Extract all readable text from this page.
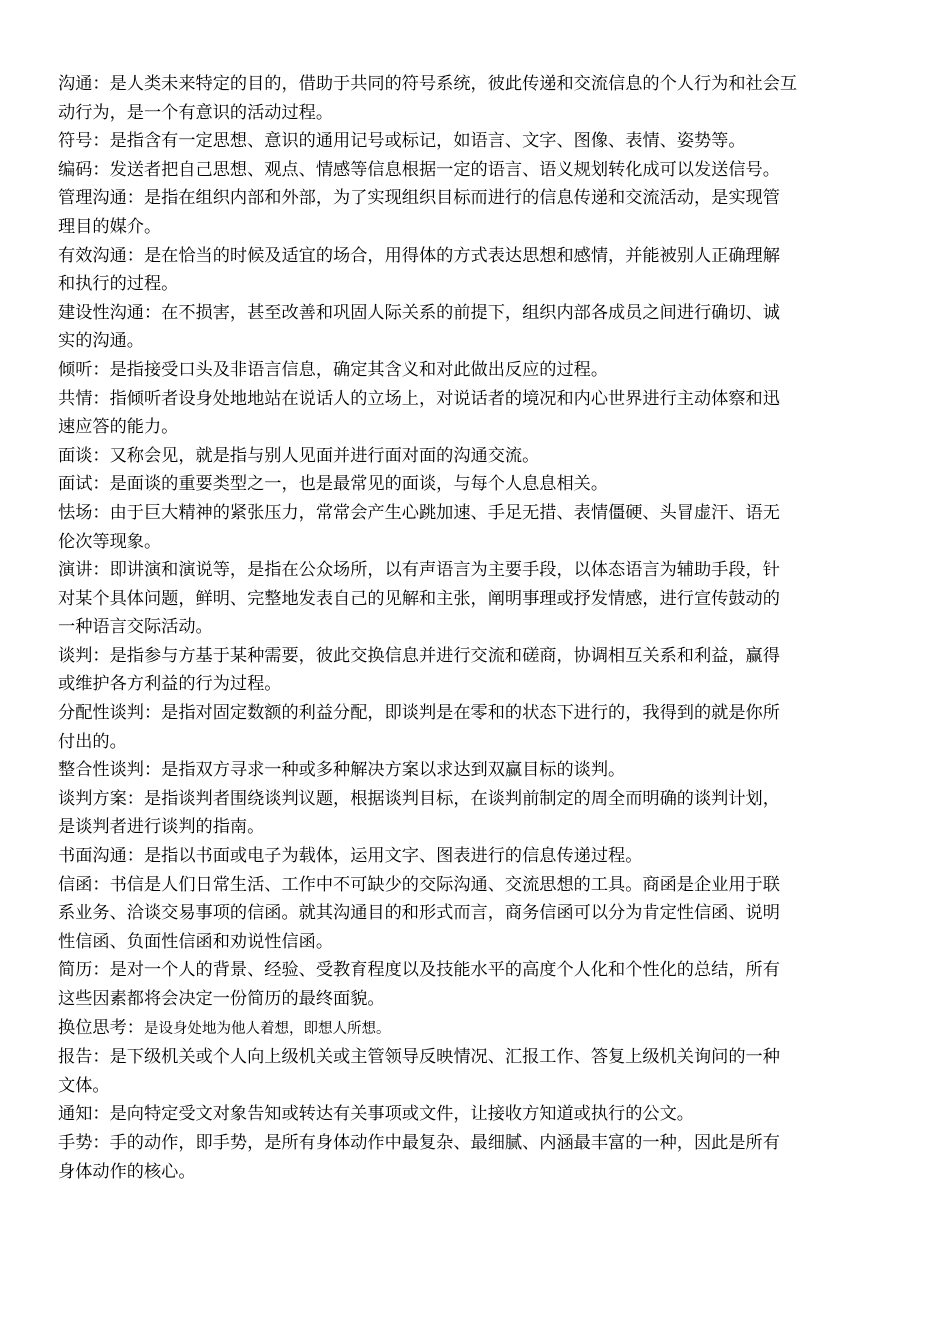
沟通：是人类未来特定的目的，借助于共同的符号系统，彼此传递和交流信息的个人行为和社会互
动行为，是一个有意识的活动过程。

符号：是指含有一定思想、意识的通用记号或标记，如语言、文字、图像、表情、姿势等。

编码：发送者把自己思想、观点、情感等信息根据一定的语言、语义规划转化成可以发送信号。

管理沟通：是指在组织内部和外部，为了实现组织目标而进行的信息传递和交流活动，是实现管
理目的媒介。

有效沟通：是在恰当的时候及适宜的场合，用得体的方式表达思想和感情，并能被别人正确理解
和执行的过程。

建设性沟通：在不损害，甚至改善和巩固人际关系的前提下，组织内部各成员之间进行确切、诚
实的沟通。

倾听：是指接受口头及非语言信息，确定其含义和对此做出反应的过程。

共情：指倾听者设身处地地站在说话人的立场上，对说话者的境况和内心世界进行主动体察和迅
速应答的能力。

面谈：又称会见，就是指与别人见面并进行面对面的沟通交流。

面试：是面谈的重要类型之一，也是最常见的面谈，与每个人息息相关。

怯场：由于巨大精神的紧张压力，常常会产生心跳加速、手足无措、表情僵硬、头冒虚汗、语无
伦次等现象。

演讲：即讲演和演说等，是指在公众场所，以有声语言为主要手段，以体态语言为辅助手段，针
对某个具体问题，鲜明、完整地发表自己的见解和主张，阐明事理或抒发情感，进行宣传鼓动的
一种语言交际活动。

谈判：是指参与方基于某种需要，彼此交换信息并进行交流和磋商，协调相互关系和利益，赢得
或维护各方利益的行为过程。

分配性谈判：是指对固定数额的利益分配，即谈判是在零和的状态下进行的，我得到的就是你所
付出的。

整合性谈判：是指双方寻求一种或多种解决方案以求达到双赢目标的谈判。

谈判方案：是指谈判者围绕谈判议题，根据谈判目标，在谈判前制定的周全而明确的谈判计划，
是谈判者进行谈判的指南。

书面沟通：是指以书面或电子为载体，运用文字、图表进行的信息传递过程。

信函：书信是人们日常生活、工作中不可缺少的交际沟通、交流思想的工具。商函是企业用于联
系业务、洽谈交易事项的信函。就其沟通目的和形式而言，商务信函可以分为肯定性信函、说明
性信函、负面性信函和劝说性信函。

简历：是对一个人的背景、经验、受教育程度以及技能水平的高度个人化和个性化的总结，所有
这些因素都将会决定一份简历的最终面貌。

换位思考：是设身处地为他人着想，即想人所想。

报告：是下级机关或个人向上级机关或主管领导反映情况、汇报工作、答复上级机关询问的一种
文体。

通知：是向特定受文对象告知或转达有关事项或文件，让接收方知道或执行的公文。

手势：手的动作，即手势，是所有身体动作中最复杂、最细腻、内涵最丰富的一种，因此是所有
身体动作的核心。
